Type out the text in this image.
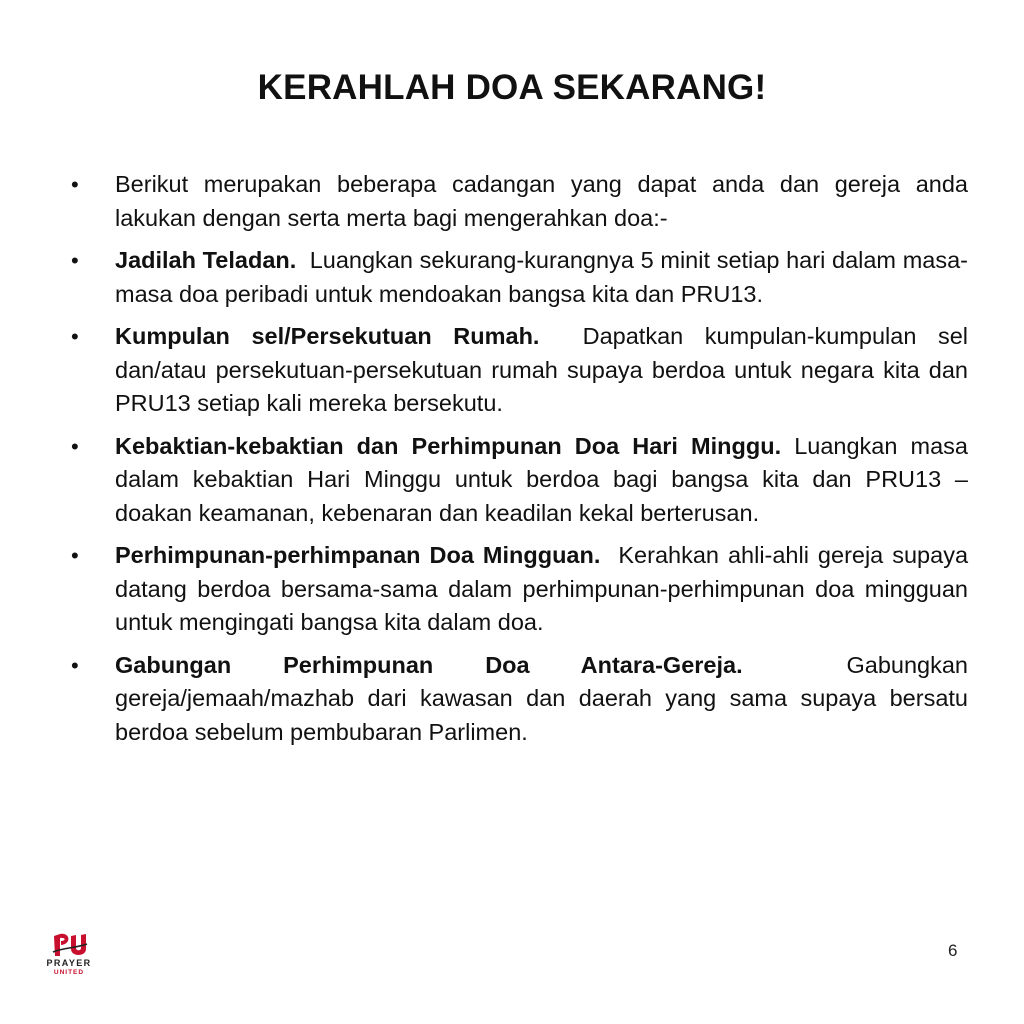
KERAHLAH DOA SEKARANG!
• Berikut merupakan beberapa cadangan yang dapat anda dan gereja anda lakukan dengan serta merta bagi mengerahkan doa:-
• Jadilah Teladan. Luangkan sekurang-kurangnya 5 minit setiap hari dalam masa-masa doa peribadi untuk mendoakan bangsa kita dan PRU13.
• Kumpulan sel/Persekutuan Rumah. Dapatkan kumpulan-kumpulan sel dan/atau persekutuan-persekutuan rumah supaya berdoa untuk negara kita dan PRU13 setiap kali mereka bersekutu.
• Kebaktian-kebaktian dan Perhimpunan Doa Hari Minggu. Luangkan masa dalam kebaktian Hari Minggu untuk berdoa bagi bangsa kita dan PRU13 – doakan keamanan, kebenaran dan keadilan kekal berterusan.
• Perhimpunan-perhimpanan Doa Mingguan. Kerahkan ahli-ahli gereja supaya datang berdoa bersama-sama dalam perhimpunan-perhimpunan doa mingguan untuk mengingati bangsa kita dalam doa.
• Gabungan Perhimpunan Doa Antara-Gereja.	Gabungkan gereja/jemaah/mazhab dari kawasan dan daerah yang sama supaya bersatu berdoa sebelum pembubaran Parlimen.
PRAYER
UNITED
6
